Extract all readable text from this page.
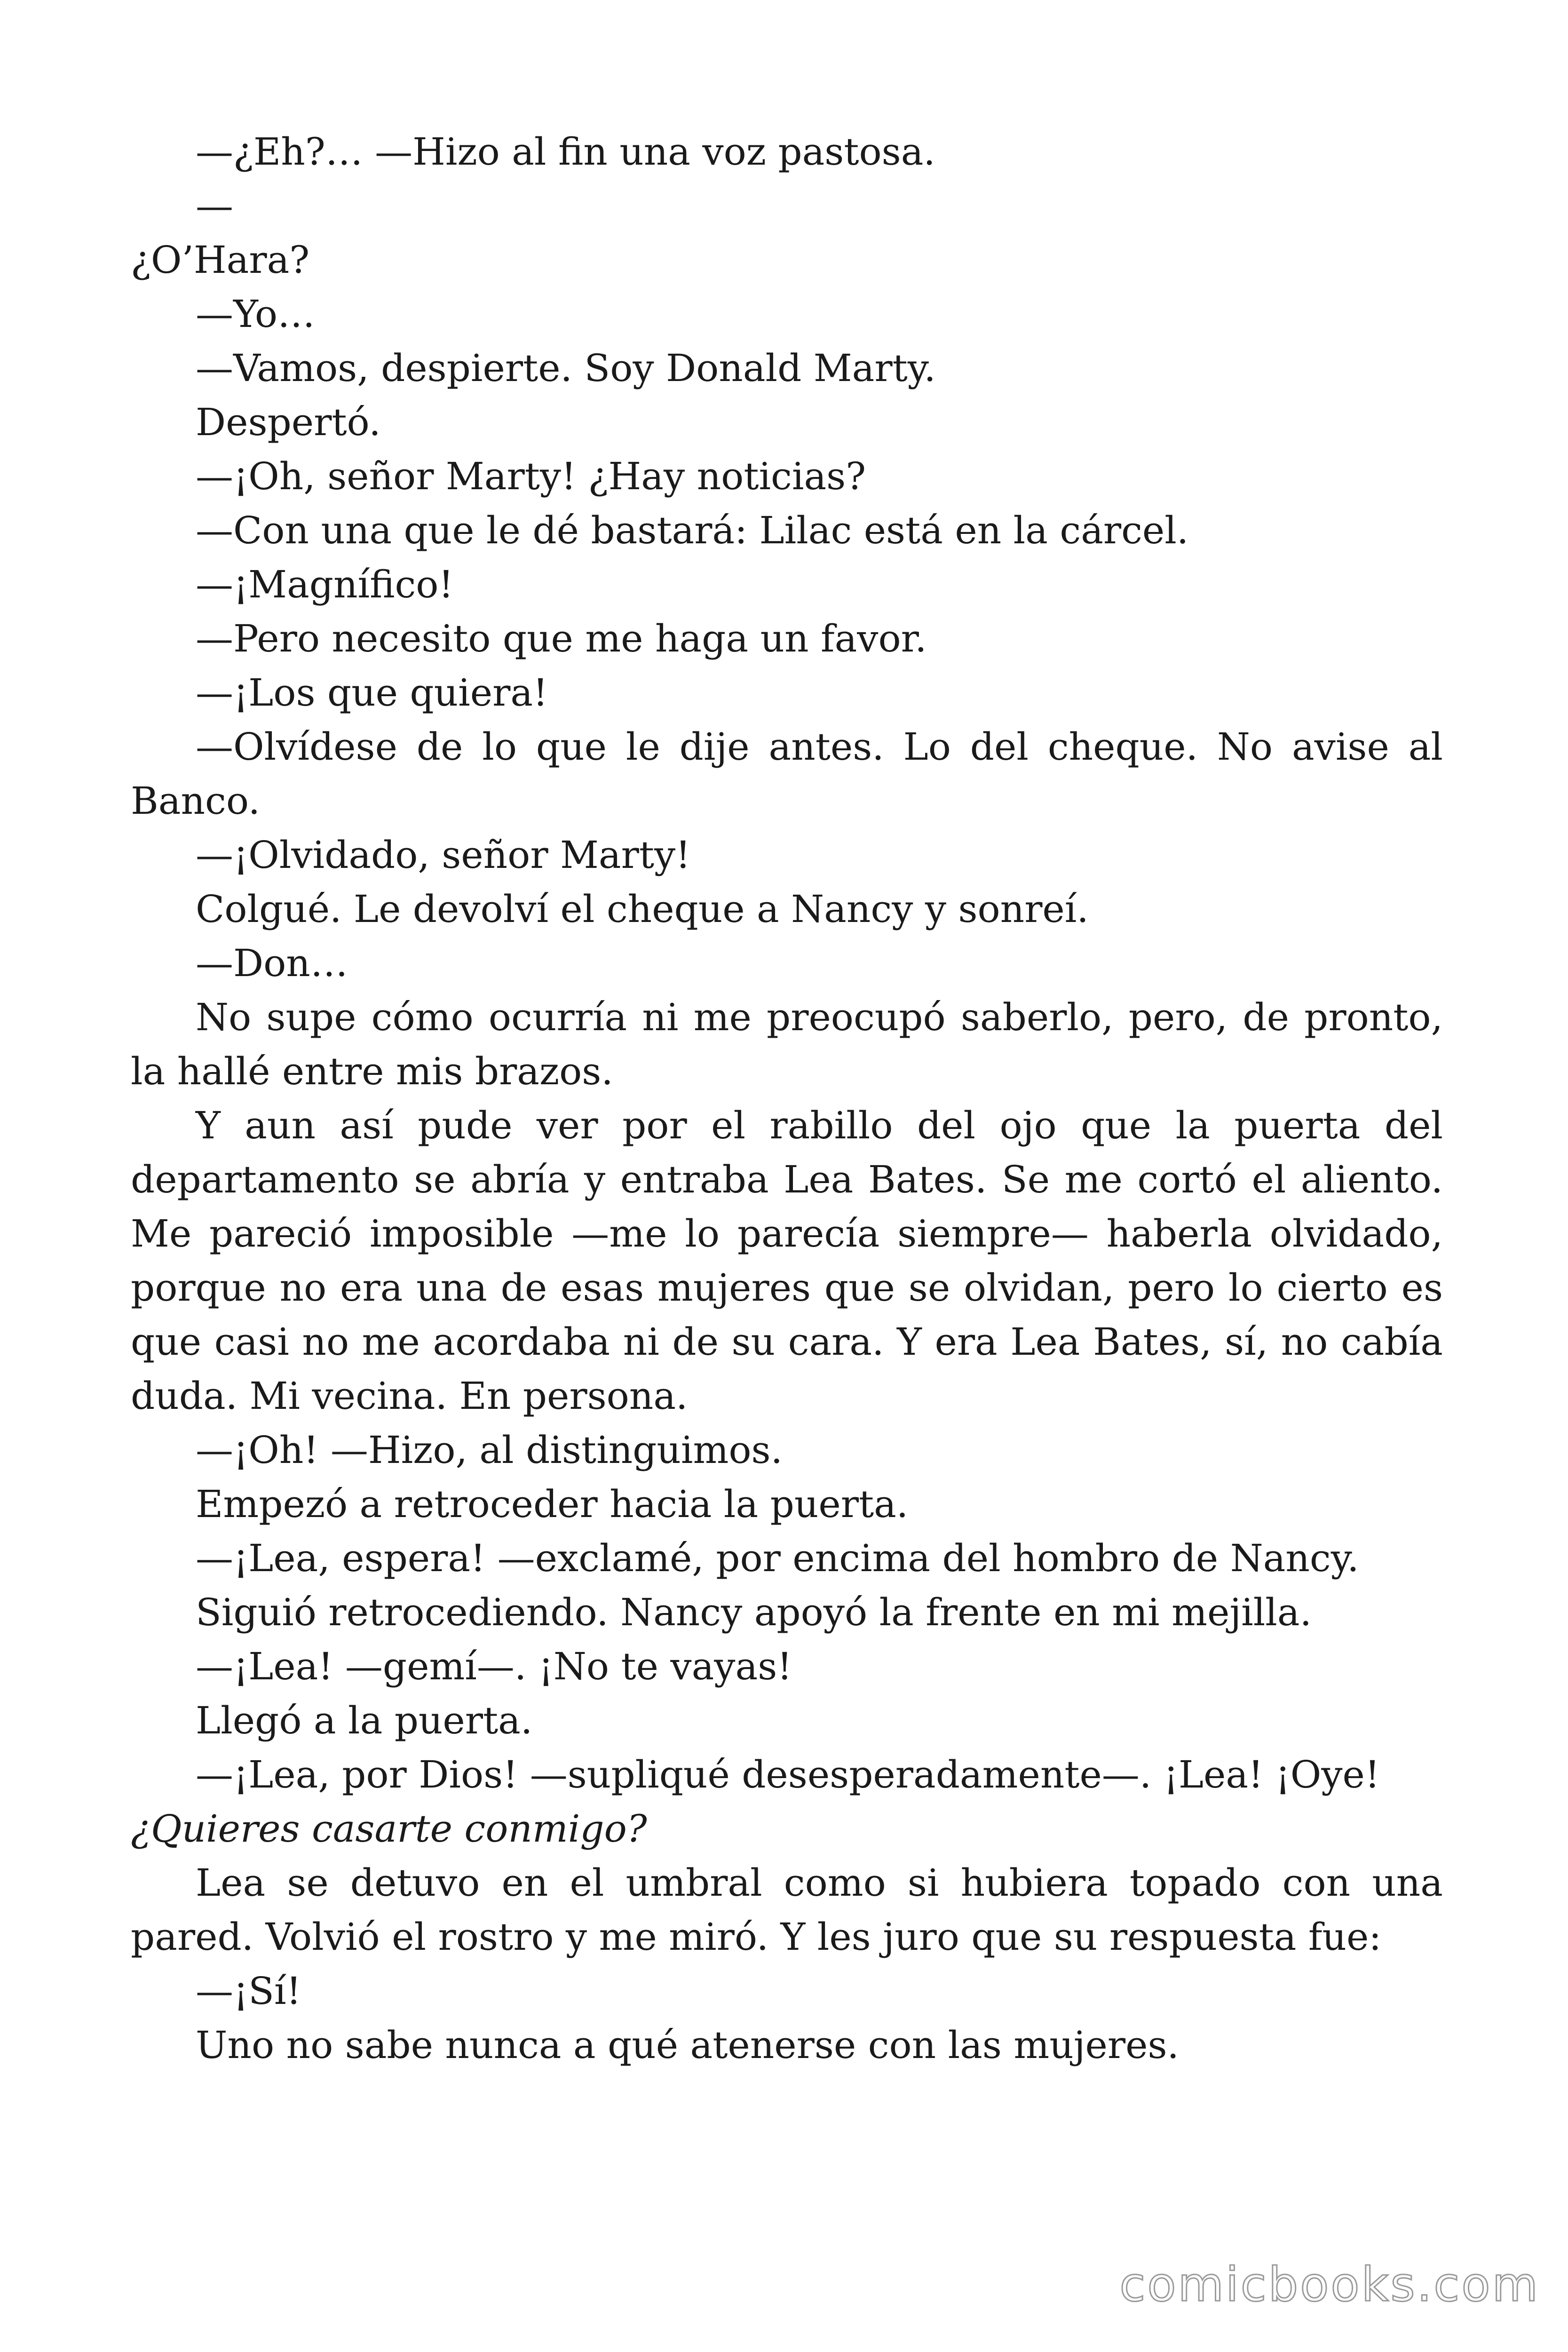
—¿Eh?… —Hizo al fin una voz pastosa.

—

¿O’Hara?

—Yo…

—Vamos, despierte. Soy Donald Marty.

Despertó.

—¡Oh, señor Marty! ¿Hay noticias?

—Con una que le dé bastará: Lilac está en la cárcel.

—¡Magnífico!

—Pero necesito que me haga un favor.

—¡Los que quiera!

—Olvídese de lo que le dije antes. Lo del cheque. No avise al Banco.

—¡Olvidado, señor Marty!

Colgué. Le devolví el cheque a Nancy y sonreí.

—Don…

No supe cómo ocurría ni me preocupó saberlo, pero, de pronto, la hallé entre mis brazos.

Y aun así pude ver por el rabillo del ojo que la puerta del departamento se abría y entraba Lea Bates. Se me cortó el aliento. Me pareció imposible —me lo parecía siempre— haberla olvidado, porque no era una de esas mujeres que se olvidan, pero lo cierto es que casi no me acordaba ni de su cara. Y era Lea Bates, sí, no cabía duda. Mi vecina. En persona.

—¡Oh! —Hizo, al distinguimos.

Empezó a retroceder hacia la puerta.

—¡Lea, espera! —exclamé, por encima del hombro de Nancy.

Siguió retrocediendo. Nancy apoyó la frente en mi mejilla.

—¡Lea! —gemí—. ¡No te vayas!

Llegó a la puerta.

—¡Lea, por Dios! —supliqué desesperadamente—. ¡Lea! ¡Oye!

¿Quieres casarte conmigo?

Lea se detuvo en el umbral como si hubiera topado con una pared. Volvió el rostro y me miró. Y les juro que su respuesta fue:

—¡Sí!

Uno no sabe nunca a qué atenerse con las mujeres.

comicbooks.com
